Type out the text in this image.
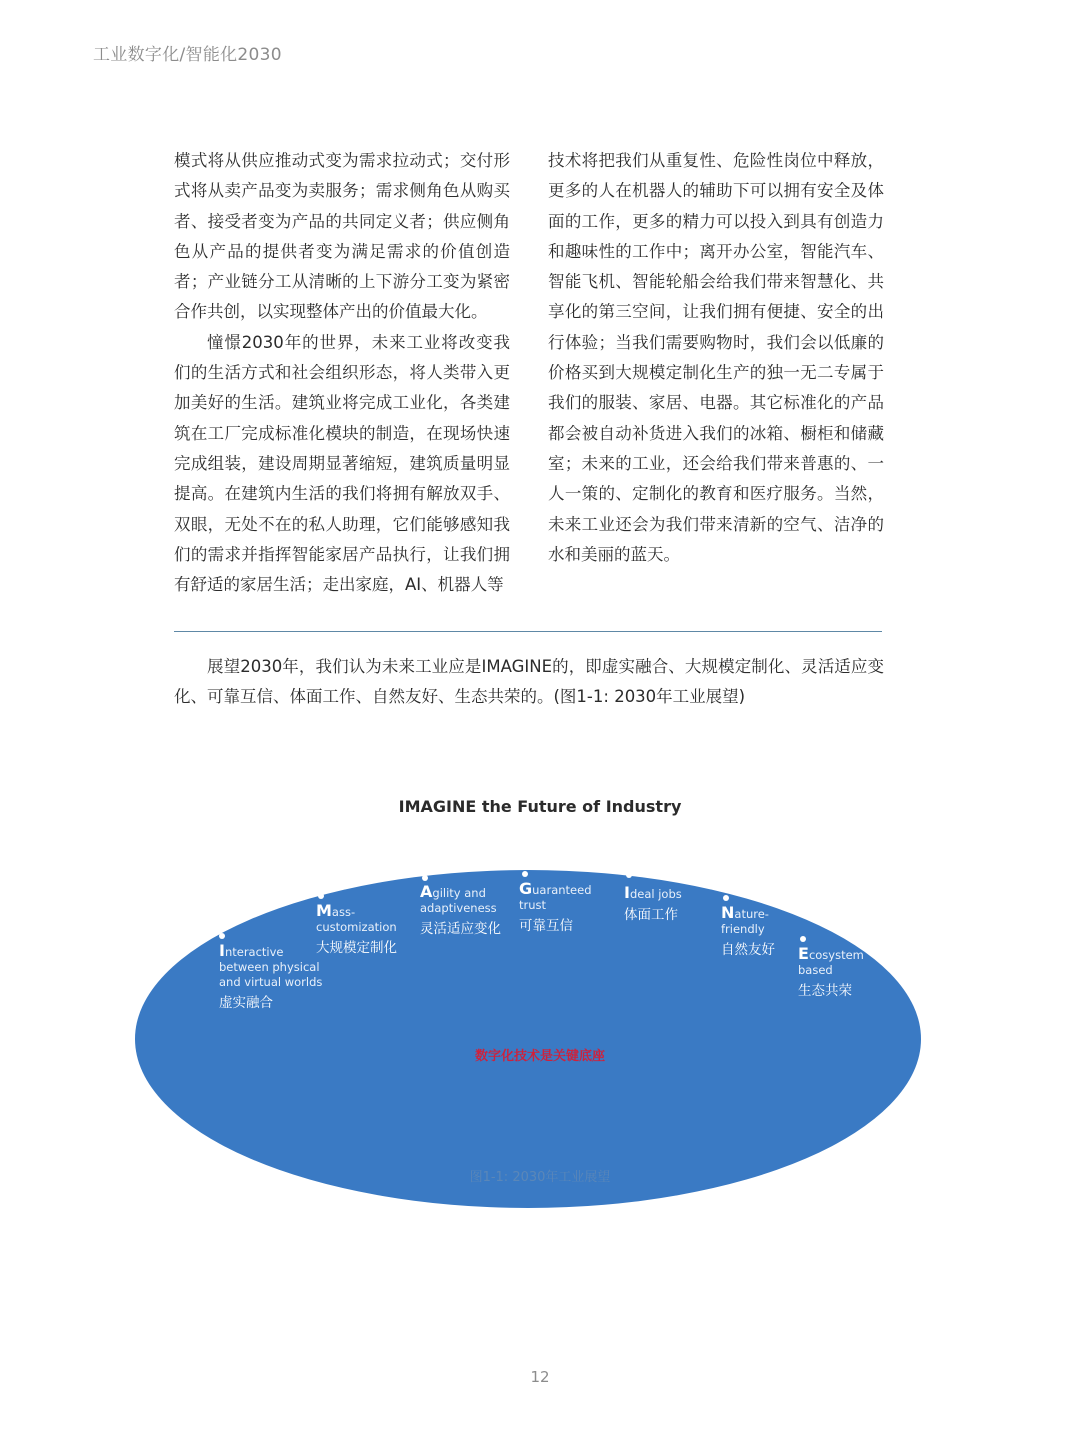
工业数字化/智能化2030

模式将从供应推动式变为需求拉动式；交付形式将从卖产品变为卖服务；需求侧角色从购买者、接受者变为产品的共同定义者；供应侧角色从产品的提供者变为满足需求的价值创造者；产业链分工从清晰的上下游分工变为紧密合作共创，以实现整体产出的价值最大化。

憧憬2030年的世界，未来工业将改变我们的生活方式和社会组织形态，将人类带入更加美好的生活。建筑业将完成工业化，各类建筑在工厂完成标准化模块的制造，在现场快速完成组装，建设周期显著缩短，建筑质量明显提高。在建筑内生活的我们将拥有解放双手、双眼，无处不在的私人助理，它们能够感知我们的需求并指挥智能家居产品执行，让我们拥有舒适的家居生活；走出家庭，AI、机器人等

技术将把我们从重复性、危险性岗位中释放，更多的人在机器人的辅助下可以拥有安全及体面的工作，更多的精力可以投入到具有创造力和趣味性的工作中；离开办公室，智能汽车、智能飞机、智能轮船会给我们带来智慧化、共享化的第三空间，让我们拥有便捷、安全的出行体验；当我们需要购物时，我们会以低廉的价格买到大规模定制化生产的独一无二专属于我们的服装、家居、电器。其它标准化的产品都会被自动补货进入我们的冰箱、橱柜和储藏室；未来的工业，还会给我们带来普惠的、一人一策的、定制化的教育和医疗服务。当然，未来工业还会为我们带来清新的空气、洁净的水和美丽的蓝天。

展望2030年，我们认为未来工业应是IMAGINE的，即虚实融合、大规模定制化、灵活适应变化、可靠互信、体面工作、自然友好、生态共荣的。(图1-1: 2030年工业展望)

IMAGINE the Future of Industry
Interactive
between physical
and virtual worlds
虚实融合
Mass-
customization
大规模定制化
Agility and
adaptiveness
灵活适应变化
Guaranteed
trust
可靠互信
Ideal jobs
体面工作	Nature-
friendly
自然友好 Ecosystem
based
生态共荣
数字化技术是关键底座
图1-1: 2030年工业展望
12
